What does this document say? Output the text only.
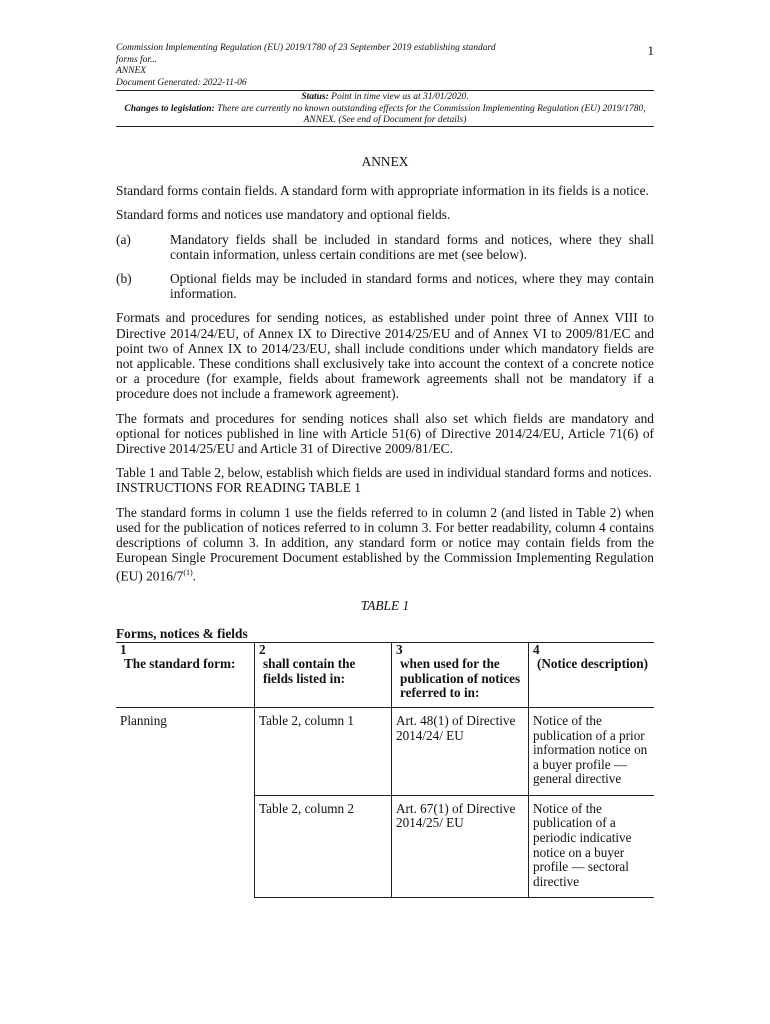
Commission Implementing Regulation (EU) 2019/1780 of 23 September 2019 establishing standard
forms for...
ANNEX
Document Generated: 2022-11-06
1
Status: Point in time view as at 31/01/2020.
Changes to legislation: There are currently no known outstanding effects for the Commission Implementing Regulation (EU) 2019/1780, ANNEX. (See end of Document for details)
ANNEX

Standard forms contain fields. A standard form with appropriate information in its fields is a notice.

Standard forms and notices use mandatory and optional fields.

(a)	Mandatory fields shall be included in standard forms and notices, where they shall contain information, unless certain conditions are met (see below).
(b)	Optional fields may be included in standard forms and notices, where they may contain information.

Formats and procedures for sending notices, as established under point three of Annex VIII to Directive 2014/24/EU, of Annex IX to Directive 2014/25/EU and of Annex VI to 2009/81/EC and point two of Annex IX to 2014/23/EU, shall include conditions under which mandatory fields are not applicable. These conditions shall exclusively take into account the context of a concrete notice or a procedure (for example, fields about framework agreements shall not be mandatory if a procedure does not include a framework agreement).

The formats and procedures for sending notices shall also set which fields are mandatory and optional for notices published in line with Article 51(6) of Directive 2014/24/EU, Article 71(6) of Directive 2014/25/EU and Article 31 of Directive 2009/81/EC.

Table 1 and Table 2, below, establish which fields are used in individual standard forms and notices.

INSTRUCTIONS FOR READING TABLE 1

The standard forms in column 1 use the fields referred to in column 2 (and listed in Table 2) when used for the publication of notices referred to in column 3. For better readability, column 4 contains descriptions of column 3. In addition, any standard form or notice may contain fields from the European Single Procurement Document established by the Commission Implementing Regulation (EU) 2016/7$^{(1)}$.

TABLE 1
Forms, notices & fields
1	2	3	4
The standard form:	shall contain the fields listed in:	when used for the publication of notices referred to in:	(Notice description)
Planning	Table 2, column 1	Art. 48(1) of Directive 2014/24/ EU	Notice of the publication of a prior information notice on a buyer profile — general directive
	Table 2, column 2	Art. 67(1) of Directive 2014/25/ EU	Notice of the publication of a periodic indicative notice on a buyer profile — sectoral directive
